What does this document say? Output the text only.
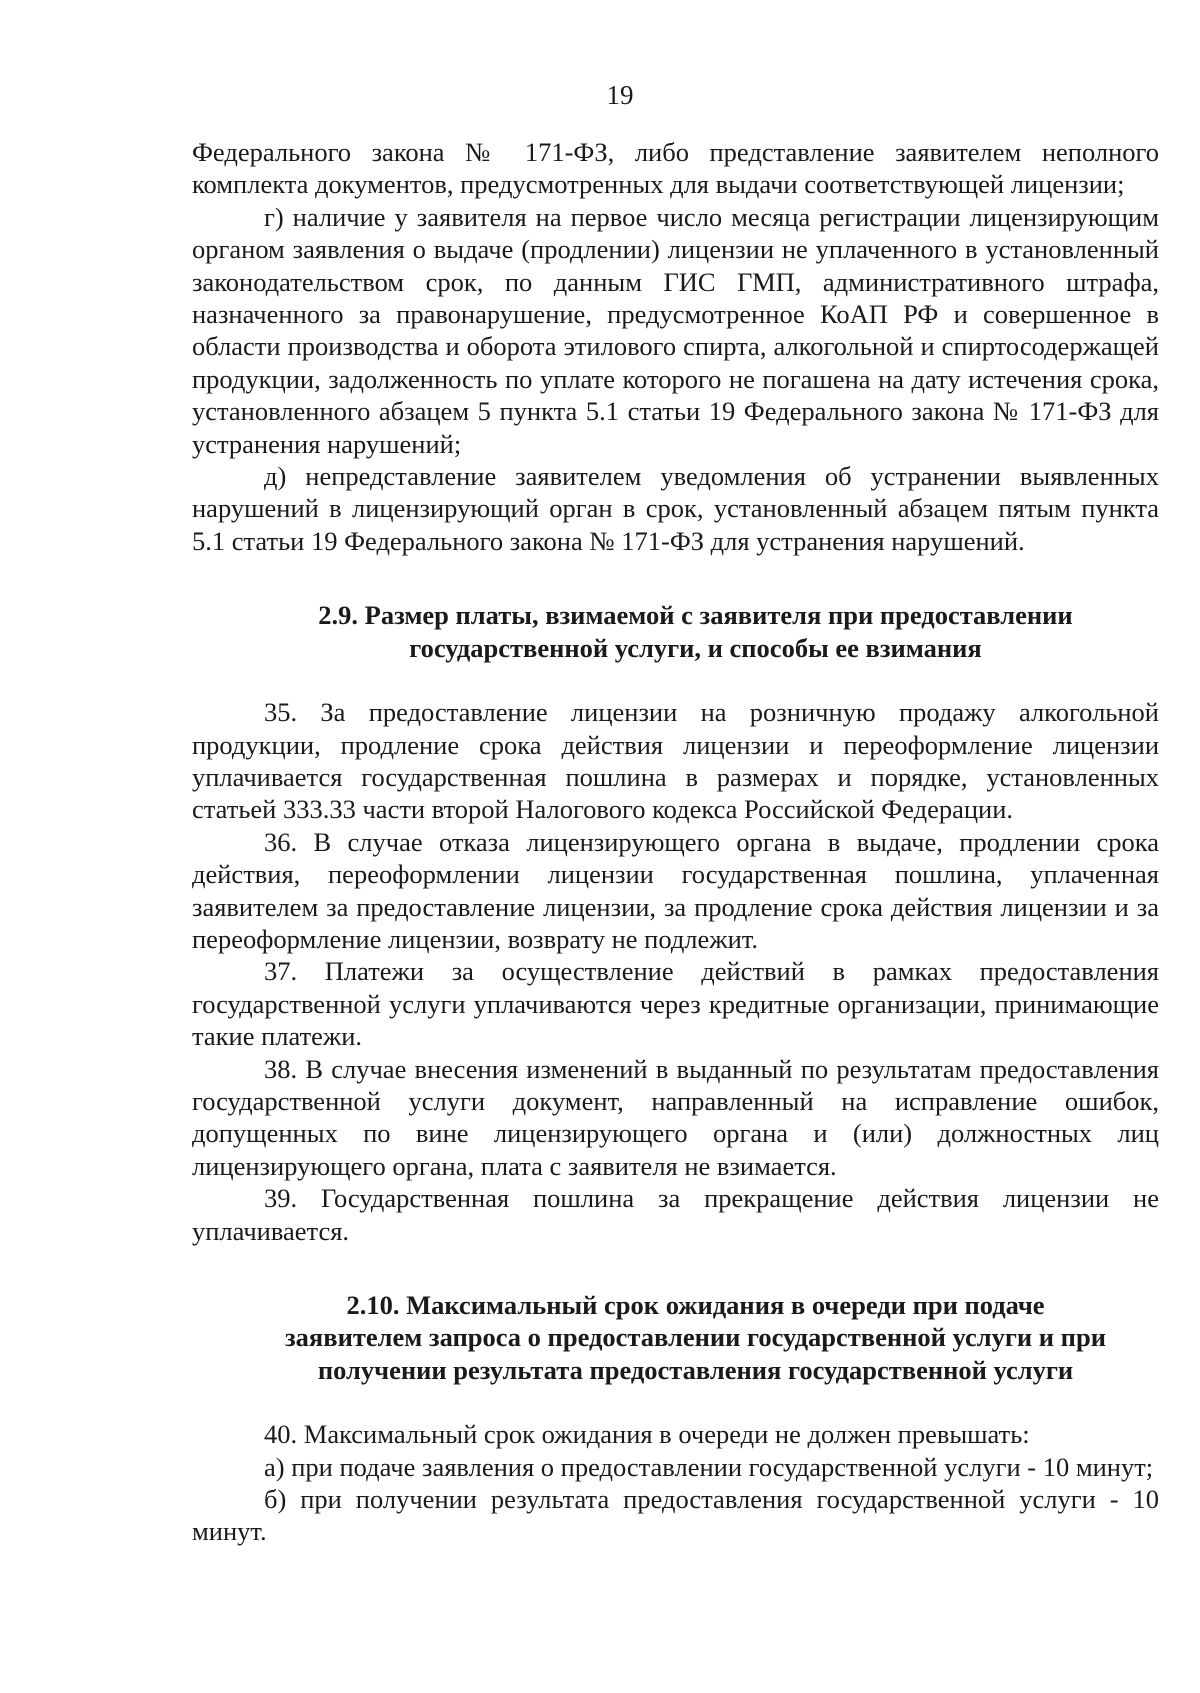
19

Федерального закона № 171-ФЗ, либо представление заявителем неполного комплекта документов, предусмотренных для выдачи соответствующей лицензии;

г) наличие у заявителя на первое число месяца регистрации лицензирующим органом заявления о выдаче (продлении) лицензии не уплаченного в установленный законодательством срок, по данным ГИС ГМП, административного штрафа, назначенного за правонарушение, предусмотренное КоАП РФ и совершенное в области производства и оборота этилового спирта, алкогольной и спиртосодержащей продукции, задолженность по уплате которого не погашена на дату истечения срока, установленного абзацем 5 пункта 5.1 статьи 19 Федерального закона № 171-ФЗ для устранения нарушений;

д) непредставление заявителем уведомления об устранении выявленных нарушений в лицензирующий орган в срок, установленный абзацем пятым пункта 5.1 статьи 19 Федерального закона № 171-ФЗ для устранения нарушений.

2.9. Размер платы, взимаемой с заявителя при предоставлении
государственной услуги, и способы ее взимания

35. За предоставление лицензии на розничную продажу алкогольной продукции, продление срока действия лицензии и переоформление лицензии уплачивается государственная пошлина в размерах и порядке, установленных статьей 333.33 части второй Налогового кодекса Российской Федерации.

36. В случае отказа лицензирующего органа в выдаче, продлении срока действия, переоформлении лицензии государственная пошлина, уплаченная заявителем за предоставление лицензии, за продление срока действия лицензии и за переоформление лицензии, возврату не подлежит.

37. Платежи за осуществление действий в рамках предоставления государственной услуги уплачиваются через кредитные организации, принимающие такие платежи.

38. В случае внесения изменений в выданный по результатам предоставления государственной услуги документ, направленный на исправление ошибок, допущенных по вине лицензирующего органа и (или) должностных лиц лицензирующего органа, плата с заявителя не взимается.

39. Государственная пошлина за прекращение действия лицензии не уплачивается.

2.10. Максимальный срок ожидания в очереди при подаче
заявителем запроса о предоставлении государственной услуги и при
получении результата предоставления государственной услуги

40. Максимальный срок ожидания в очереди не должен превышать:

а) при подаче заявления о предоставлении государственной услуги - 10 минут;

б) при получении результата предоставления государственной услуги - 10 минут.
